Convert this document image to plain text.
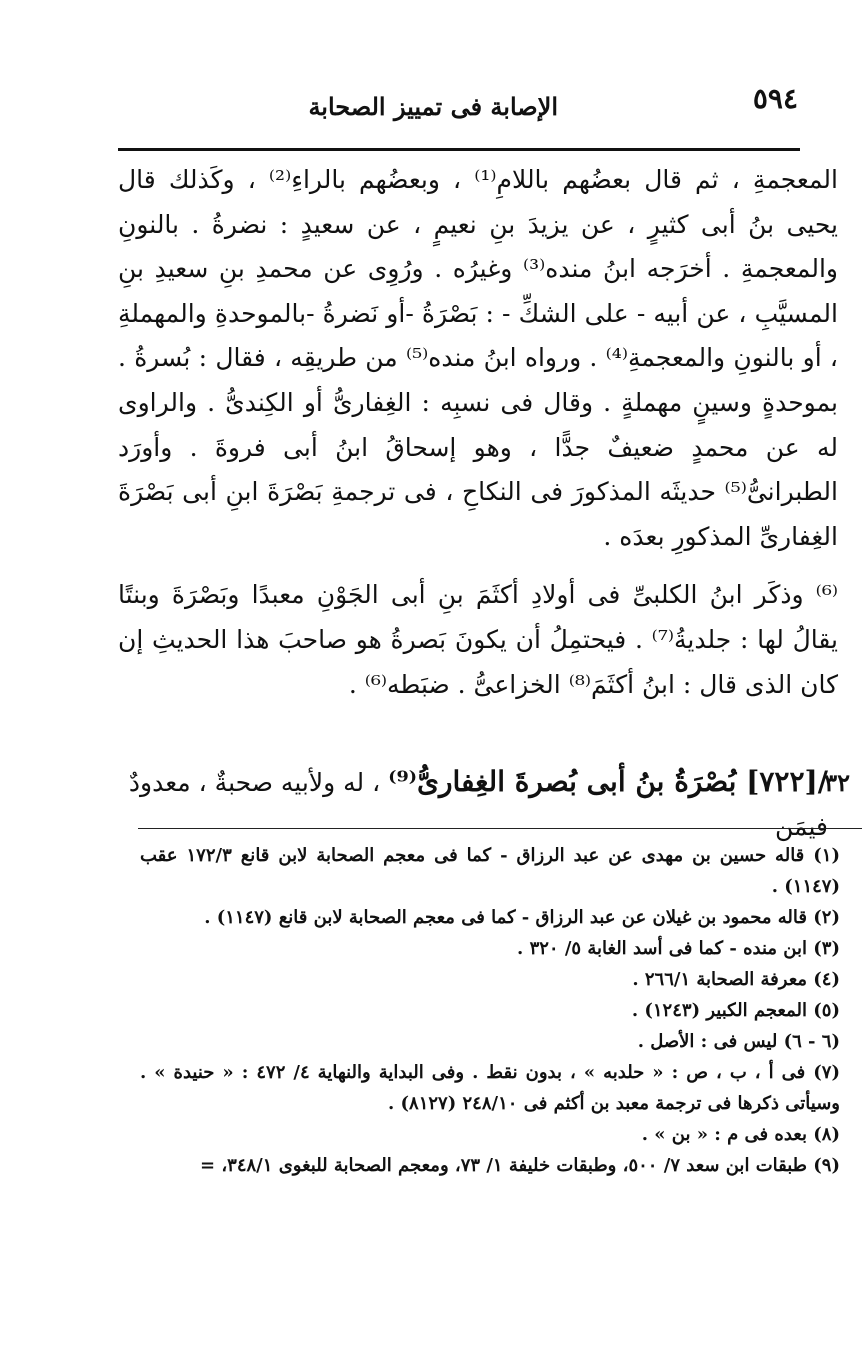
٥٩٤
الإصابة فى تمييز الصحابة

المعجمةِ ، ثم قال بعضُهم باللامِ⁽¹⁾ ، وبعضُهم بالراءِ⁽²⁾ ، وكَذلك قال يحيى بنُ أبى كثيرٍ ، عن يزيدَ بنِ نعيمٍ ، عن سعيدٍ : نضرةُ . بالنونِ والمعجمةِ . أخرَجه ابنُ منده⁽³⁾ وغيرُه . ورُوِى عن محمدِ بنِ سعيدِ بنِ المسيَّبِ ، عن أبيه - على الشكِّ - : بَصْرَةُ -أو نَضرةُ -بالموحدةِ والمهملةِ ، أو بالنونِ والمعجمةِ⁽⁴⁾ . ورواه ابنُ منده⁽⁵⁾ من طريقِه ، فقال : بُسرةُ . بموحدةٍ وسينٍ مهملةٍ . وقال فى نسبِه : الغِفارىُّ أو الكِندىُّ . والراوى له عن محمدٍ ضعيفٌ جدًّا ، وهو إسحاقُ ابنُ أبى فروةَ . وأورَد الطبرانىُّ⁽⁵⁾ حديثَه المذكورَ فى النكاحِ ، فى ترجمةِ بَصْرَةَ ابنِ أبى بَصْرَةَ الغِفارىِّ المذكورِ بعدَه .

⁽⁶⁾ وذكَر ابنُ الكلبىِّ فى أولادِ أكثَمَ بنِ أبى الجَوْنِ معبدًا وبَصْرَةَ وبنتًا يقالُ لها : جلديةُ⁽⁷⁾ . فيحتمِلُ أن يكونَ بَصرةُ هو صاحبَ هذا الحديثِ إن كان الذى قال : ابنُ أكثَمَ⁽⁸⁾ الخزاعىُّ . ضبَطه⁽⁶⁾ .

٣٢
/[٧٢٢] بُصْرَةُ بنُ أبى بُصرةَ الغِفارىُّ⁽⁹⁾ ، له ولأبيه صحبةٌ ، معدودٌ فيمَن

(١) قاله حسين بن مهدى عن عبد الرزاق - كما فى معجم الصحابة لابن قانع ١٧٢/٣ عقب (١١٤٧) .

(٢) قاله محمود بن غيلان عن عبد الرزاق - كما فى معجم الصحابة لابن قانع (١١٤٧) .

(٣) ابن منده - كما فى أسد الغابة ٥/ ٣٢٠ .

(٤) معرفة الصحابة ٢٦٦/١ .

(٥) المعجم الكبير (١٢٤٣) .

(٦ - ٦) ليس فى : الأصل .

(٧) فى أ ، ب ، ص : « حلدبه » ، بدون نقط . وفى البداية والنهاية ٤/ ٤٧٢ : « حنيدة » . وسيأتى ذكرها فى ترجمة معبد بن أكثم فى ٢٤٨/١٠ (٨١٢٧) .

(٨) بعده فى م : « بن » .

(٩) طبقات ابن سعد ٧/ ٥٠٠، وطبقات خليفة ١/ ٧٣، ومعجم الصحابة للبغوى ٣٤٨/١، =
